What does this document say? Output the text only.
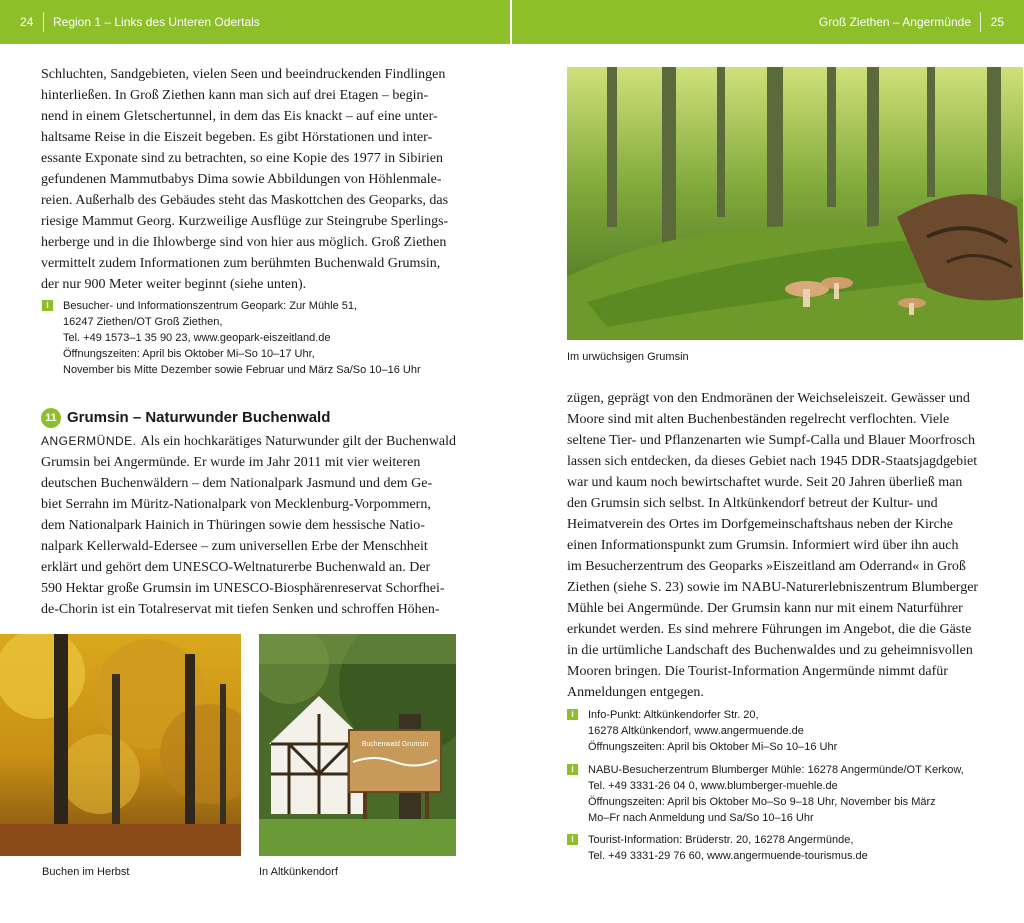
24 Region 1 – Links des Unteren Odertals	Groß Ziethen – Angermünde 25
Schluchten, Sandgebieten, vielen Seen und beeindruckenden Findlingen
hinterließen. In Groß Ziethen kann man sich auf drei Etagen – begin-
nend in einem Gletschertunnel, in dem das Eis knackt – auf eine unter-
haltsame Reise in die Eiszeit begeben. Es gibt Hörstationen und inter-
essante Exponate sind zu betrachten, so eine Kopie des 1977 in Sibirien
gefundenen Mammutbabys Dima sowie Abbildungen von Höhlenmale-
reien. Außerhalb des Gebäudes steht das Maskottchen des Geoparks, das
riesige Mammut Georg. Kurzweilige Ausflüge zur Steingrube Sperlings-
herberge und in die Ihlowberge sind von hier aus möglich. Groß Ziethen
vermittelt zudem Informationen zum berühmten Buchenwald Grumsin,
der nur 900 Meter weiter beginnt (siehe unten).
i	Besucher- und Informationszentrum Geopark: Zur Mühle 51,
16247 Ziethen/OT Groß Ziethen,
Tel. +49 1573–1 35 90 23, www.geopark-eiszeitland.de
Öffnungszeiten: April bis Oktober Mi–So 10–17 Uhr,
November bis Mitte Dezember sowie Februar und März Sa/So 10–16 Uhr
11 Grumsin – Naturwunder Buchenwald
ANGERMÜNDE. Als ein hochkarätiges Naturwunder gilt der Buchenwald
Grumsin bei Angermünde. Er wurde im Jahr 2011 mit vier weiteren
deutschen Buchenwäldern – dem Nationalpark Jasmund und dem Ge-
biet Serrahn im Müritz-Nationalpark von Mecklenburg-Vorpommern,
dem Nationalpark Hainich in Thüringen sowie dem hessische Natio-
nalpark Kellerwald-Edersee – zum universellen Erbe der Menschheit
erklärt und gehört dem UNESCO-Weltnaturerbe Buchenwald an. Der
590 Hektar große Grumsin im UNESCO-Biosphärenreservat Schorfhei-
de-Chorin ist ein Totalreservat mit tiefen Senken und schroffen Höhen-
Buchenwald Grumsin
Buchen im Herbst	In Altkünkendorf
Im urwüchsigen Grumsin
zügen, geprägt von den Endmoränen der Weichseleiszeit. Gewässer und
Moore sind mit alten Buchenbeständen regelrecht verflochten. Viele
seltene Tier- und Pflanzenarten wie Sumpf-Calla und Blauer Moorfrosch
lassen sich entdecken, da dieses Gebiet nach 1945 DDR-Staatsjagdgebiet
war und kaum noch bewirtschaftet wurde. Seit 20 Jahren überließ man
den Grumsin sich selbst. In Altkünkendorf betreut der Kultur- und
Heimatverein des Ortes im Dorfgemeinschaftshaus neben der Kirche
einen Informationspunkt zum Grumsin. Informiert wird über ihn auch
im Besucherzentrum des Geoparks »Eiszeitland am Oderrand« in Groß
Ziethen (siehe S. 23) sowie im NABU-Naturerlebniszentrum Blumberger
Mühle bei Angermünde. Der Grumsin kann nur mit einem Naturführer
erkundet werden. Es sind mehrere Führungen im Angebot, die die Gäste
in die urtümliche Landschaft des Buchenwaldes und zu geheimnisvollen
Mooren bringen. Die Tourist-Information Angermünde nimmt dafür
Anmeldungen entgegen.
i	Info-Punkt: Altkünkendorfer Str. 20,
16278 Altkünkendorf, www.angermuende.de
Öffnungszeiten: April bis Oktober Mi–So 10–16 Uhr
i	NABU-Besucherzentrum Blumberger Mühle: 16278 Angermünde/OT Kerkow,
Tel. +49 3331-26 04 0, www.blumberger-muehle.de
Öffnungszeiten: April bis Oktober Mo–So 9–18 Uhr, November bis März
Mo–Fr nach Anmeldung und Sa/So 10–16 Uhr
i	Tourist-Information: Brüderstr. 20, 16278 Angermünde,
Tel. +49 3331-29 76 60, www.angermuende-tourismus.de
